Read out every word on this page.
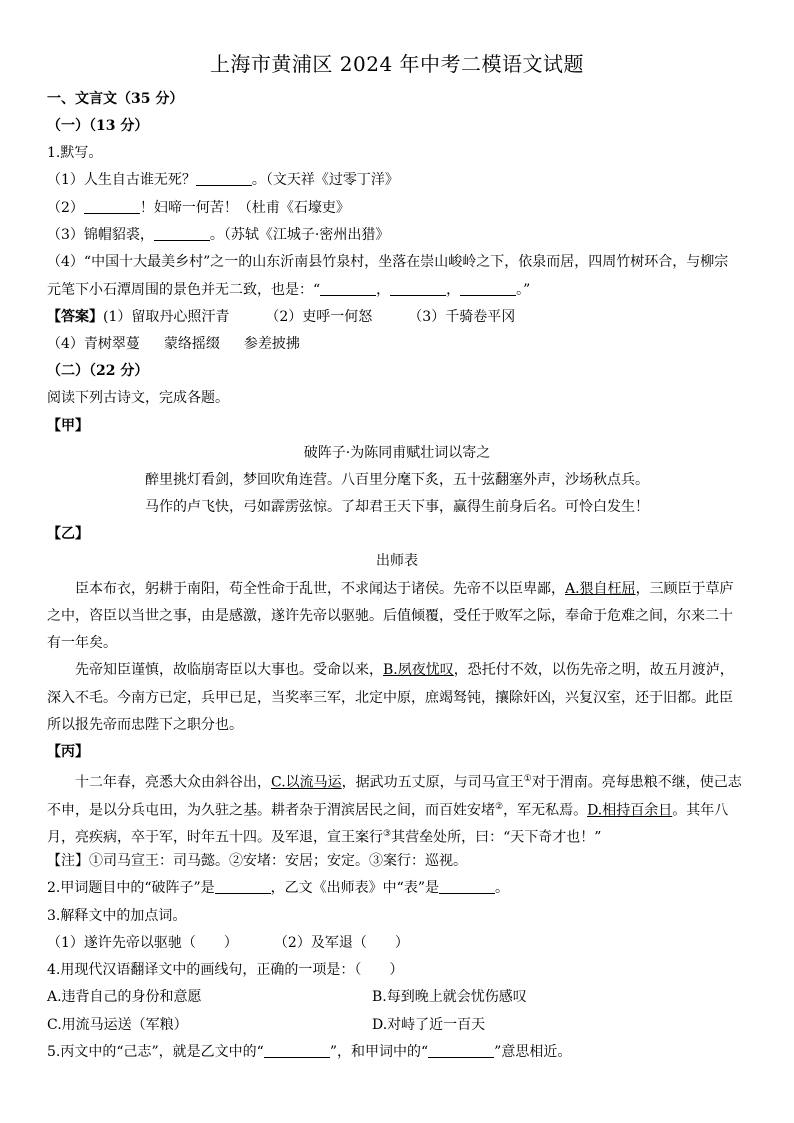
上海市黄浦区 2024 年中考二模语文试题
一、文言文（35 分）
（一）（13 分）
1.默写。
（1）人生自古谁无死？	。（文天祥《过零丁洋》
（2）	！妇啼一何苦！（杜甫《石壕吏》
（3）锦帽貂裘，	。（苏轼《江城子·密州出猎》
（4）“中国十大最美乡村”之一的山东沂南县竹泉村，坐落在崇山峻岭之下，依泉而居，四周竹树环合，与柳宗
元笔下小石潭周围的景色并无二致，也是：“	，	，	。”
【答案】(1）留取丹心照汗青	（2）吏呼一何怒	（3）千骑卷平冈
（4）青树翠蔓 蒙络摇缀 参差披拂
（二）（22 分）
阅读下列古诗文，完成各题。
【甲】
破阵子·为陈同甫赋壮词以寄之
醉里挑灯看剑，梦回吹角连营。八百里分麾下炙，五十弦翻塞外声，沙场秋点兵。
马作的卢飞快，弓如霹雳弦惊。了却君王天下事，赢得生前身后名。可怜白发生！
【乙】
出师表
臣本布衣，躬耕于南阳，苟全性命于乱世，不求闻达于诸侯。先帝不以臣卑鄙，A.猥自枉屈，三顾臣于草庐
之中，咨臣以当世之事，由是感激，遂许先帝以驱驰。后值倾覆，受任于败军之际，奉命于危难之间，尔来二十
有一年矣。
先帝知臣谨慎，故临崩寄臣以大事也。受命以来，B.夙夜忧叹，恐托付不效，以伤先帝之明，故五月渡泸，
深入不毛。今南方已定，兵甲已足，当奖率三军，北定中原，庶竭驽钝，攘除奸凶，兴复汉室，还于旧都。此臣
所以报先帝而忠陛下之职分也。
【丙】
十二年春，亮悉大众由斜谷出，C.以流马运，据武功五丈原，与司马宣王①对于渭南。亮每患粮不继，使己志
不申，是以分兵屯田，为久驻之基。耕者杂于渭滨居民之间，而百姓安堵②，军无私焉。D.相持百余日。其年八
月，亮疾病，卒于军，时年五十四。及军退，宣王案行③其营垒处所，曰：“天下奇才也！”
【注】①司马宣王：司马懿。②安堵：安居；安定。③案行：巡视。
2.甲词题目中的“破阵子”是	，乙文《出师表》中“表”是	。
3.解释文中的加点词。
（1）遂许先帝以驱驰（　　）	（2）及军退（　　）
4.用现代汉语翻译文中的画线句，正确的一项是：（　　）
A.违背自己的身份和意愿	B.每到晚上就会忧伤感叹
C.用流马运送（军粮）	D.对峙了近一百天
5.丙文中的“己志”，就是乙文中的“	”，和甲词中的“	”意思相近。
